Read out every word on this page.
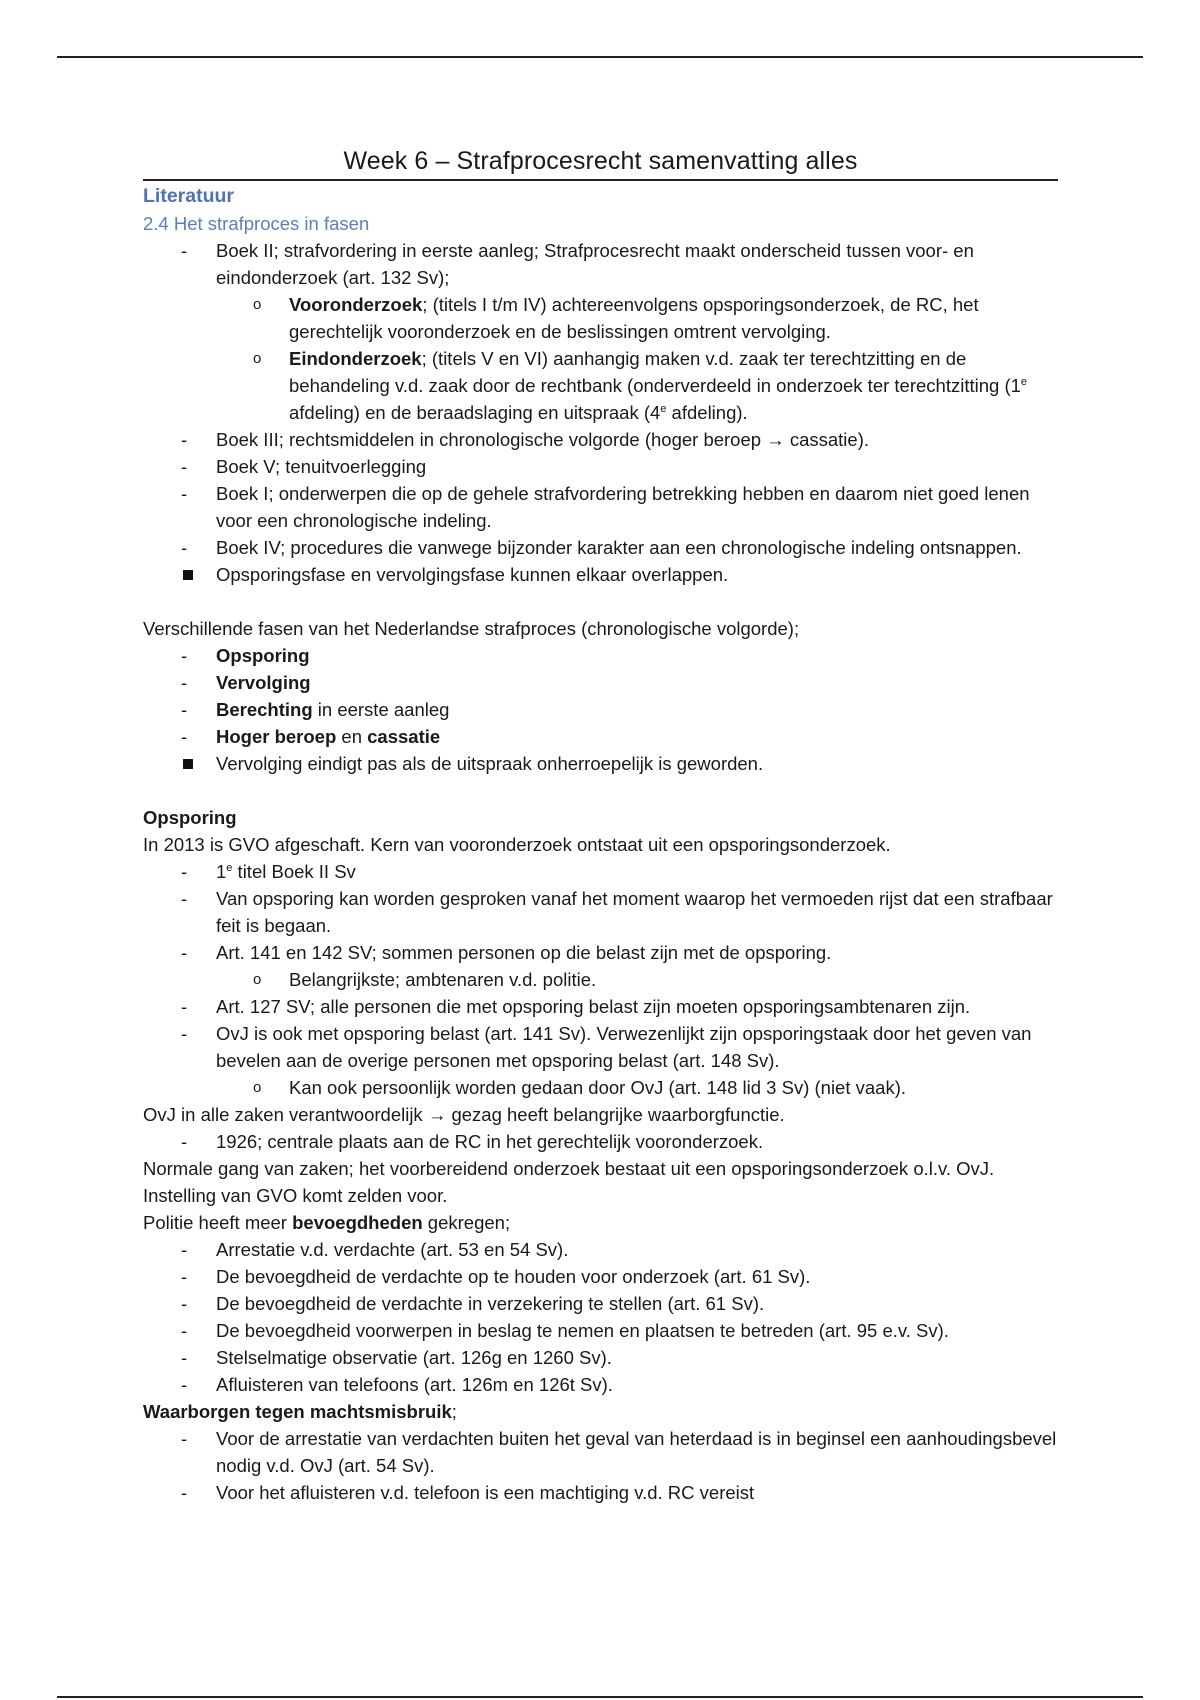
Week 6 – Strafprocesrecht samenvatting alles
Literatuur
2.4 Het strafproces in fasen
- Boek II; strafvordering in eerste aanleg; Strafprocesrecht maakt onderscheid tussen voor- en eindonderzoek (art. 132 Sv);
o Vooronderzoek; (titels I t/m IV) achtereenvolgens opsporingsonderzoek, de RC, het gerechtelijk vooronderzoek en de beslissingen omtrent vervolging.
o Eindonderzoek; (titels V en VI) aanhangig maken v.d. zaak ter terechtzitting en de behandeling v.d. zaak door de rechtbank (onderverdeeld in onderzoek ter terechtzitting (1e afdeling) en de beraadslaging en uitspraak (4e afdeling).
- Boek III; rechtsmiddelen in chronologische volgorde (hoger beroep → cassatie).
- Boek V; tenuitvoerlegging
- Boek I; onderwerpen die op de gehele strafvordering betrekking hebben en daarom niet goed lenen voor een chronologische indeling.
- Boek IV; procedures die vanwege bijzonder karakter aan een chronologische indeling ontsnappen.
Opsporingsfase en vervolgingsfase kunnen elkaar overlappen.
Verschillende fasen van het Nederlandse strafproces (chronologische volgorde);
- Opsporing
- Vervolging
- Berechting in eerste aanleg
- Hoger beroep en cassatie
Vervolging eindigt pas als de uitspraak onherroepelijk is geworden.
Opsporing
In 2013 is GVO afgeschaft. Kern van vooronderzoek ontstaat uit een opsporingsonderzoek.
- 1e titel Boek II Sv
- Van opsporing kan worden gesproken vanaf het moment waarop het vermoeden rijst dat een strafbaar feit is begaan.
- Art. 141 en 142 SV; sommen personen op die belast zijn met de opsporing.
o Belangrijkste; ambtenaren v.d. politie.
- Art. 127 SV; alle personen die met opsporing belast zijn moeten opsporingsambtenaren zijn.
- OvJ is ook met opsporing belast (art. 141 Sv). Verwezenlijkt zijn opsporingstaak door het geven van bevelen aan de overige personen met opsporing belast (art. 148 Sv).
o Kan ook persoonlijk worden gedaan door OvJ (art. 148 lid 3 Sv) (niet vaak).
OvJ in alle zaken verantwoordelijk → gezag heeft belangrijke waarborgfunctie.
- 1926; centrale plaats aan de RC in het gerechtelijk vooronderzoek.
Normale gang van zaken; het voorbereidend onderzoek bestaat uit een opsporingsonderzoek o.l.v. OvJ. Instelling van GVO komt zelden voor.
Politie heeft meer bevoegdheden gekregen;
- Arrestatie v.d. verdachte (art. 53 en 54 Sv).
- De bevoegdheid de verdachte op te houden voor onderzoek (art. 61 Sv).
- De bevoegdheid de verdachte in verzekering te stellen (art. 61 Sv).
- De bevoegdheid voorwerpen in beslag te nemen en plaatsen te betreden (art. 95 e.v. Sv).
- Stelselmatige observatie (art. 126g en 1260 Sv).
- Afluisteren van telefoons (art. 126m en 126t Sv).
Waarborgen tegen machtsmisbruik;
- Voor de arrestatie van verdachten buiten het geval van heterdaad is in beginsel een aanhoudingsbevel nodig v.d. OvJ (art. 54 Sv).
- Voor het afluisteren v.d. telefoon is een machtiging v.d. RC vereist
